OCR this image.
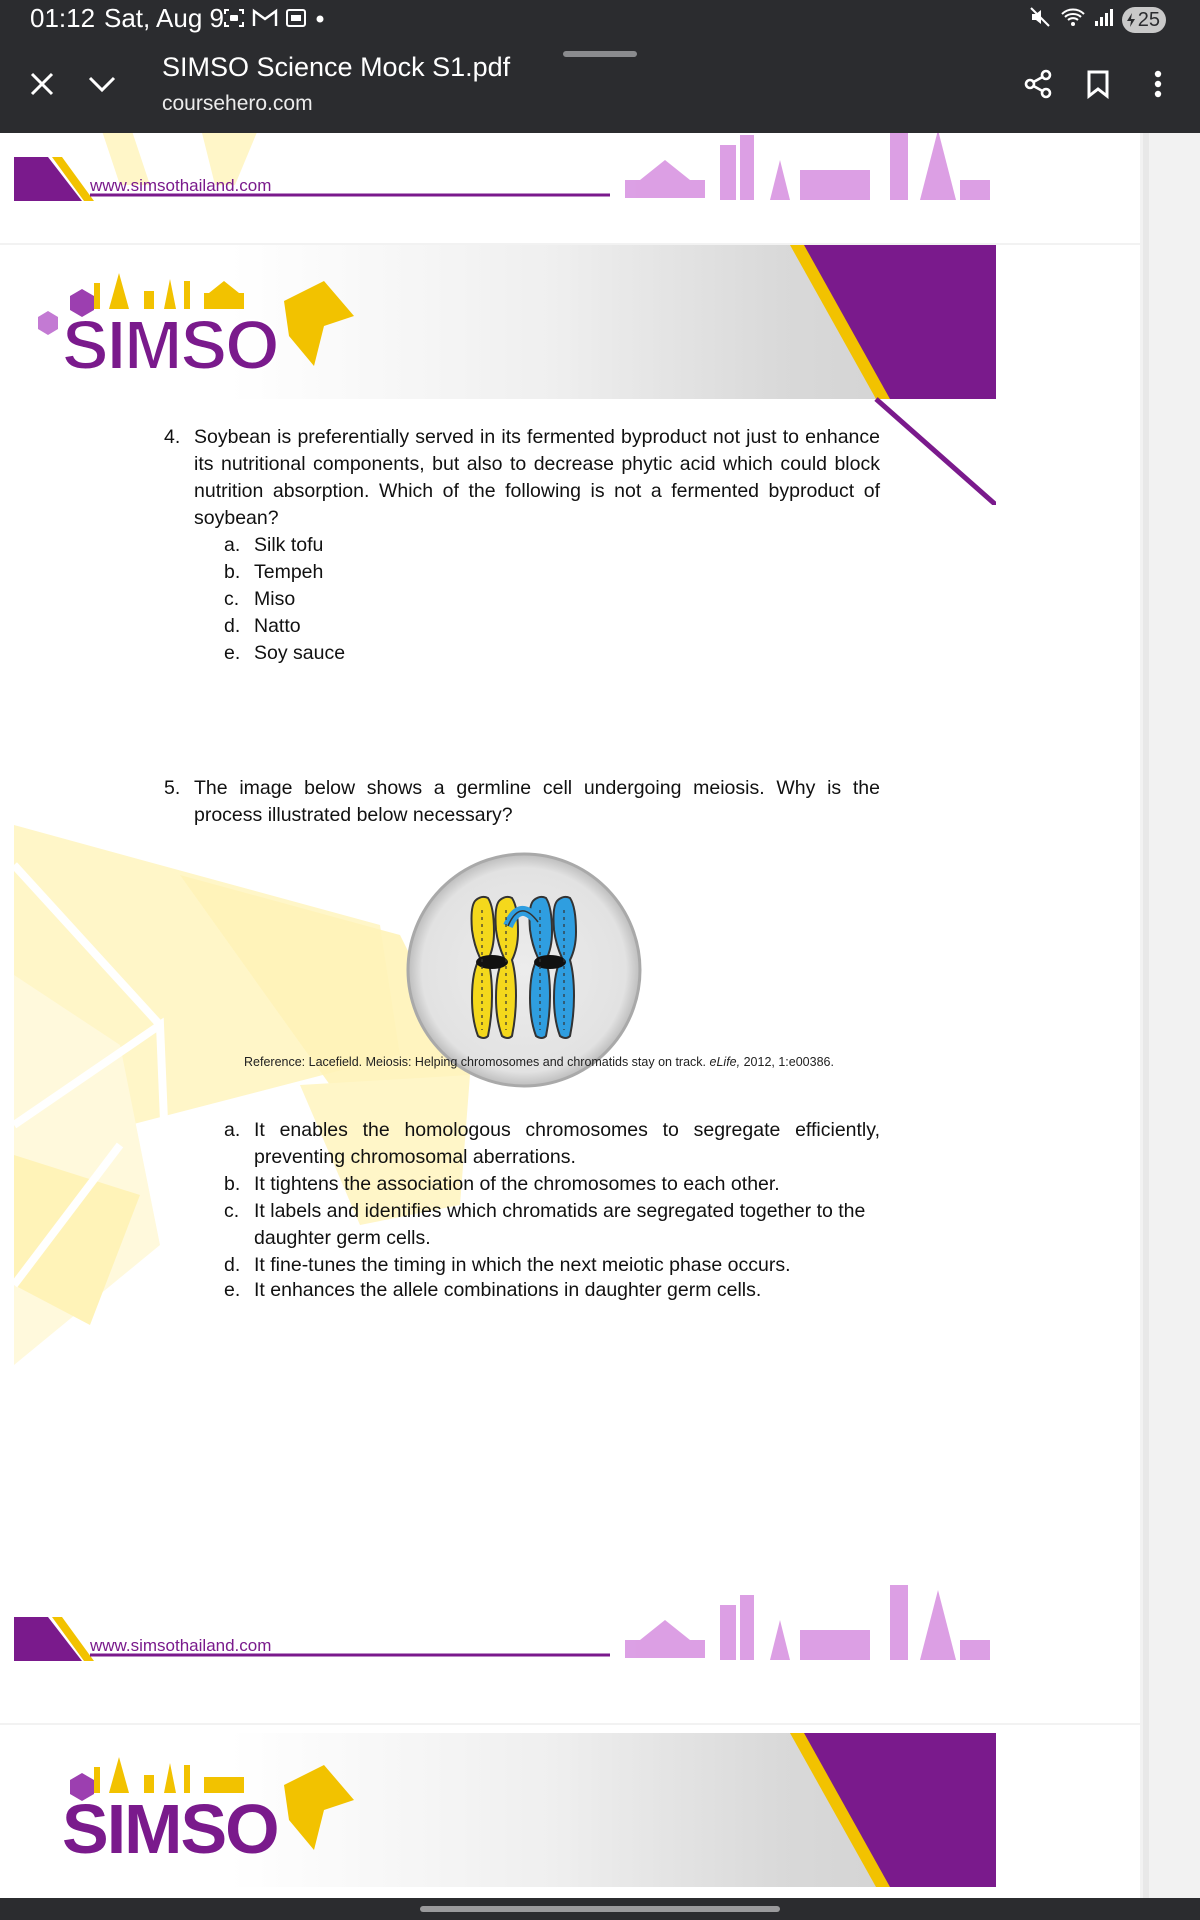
01:12 Sat, Aug 9	25
SIMSO Science Mock S1.pdf
coursehero.com
www.simsothailand.com
SIMSO
4. Soybean is preferentially served in its fermented byproduct not just to enhance its nutritional components, but also to decrease phytic acid which could block nutrition absorption. Which of the following is not a fermented byproduct of soybean?
a. Silk tofu
b. Tempeh
c. Miso
d. Natto
e. Soy sauce
5. The image below shows a germline cell undergoing meiosis. Why is the process illustrated below necessary?
Reference: Lacefield. Meiosis: Helping chromosomes and chromatids stay on track. eLife, 2012, 1:e00386.
a. It enables the homologous chromosomes to segregate efficiently, preventing chromosomal aberrations.
b. It tightens the association of the chromosomes to each other.
c. It labels and identifies which chromatids are segregated together to the daughter germ cells.
d. It fine-tunes the timing in which the next meiotic phase occurs.
e. It enhances the allele combinations in daughter germ cells.
www.simsothailand.com
SIMSO
